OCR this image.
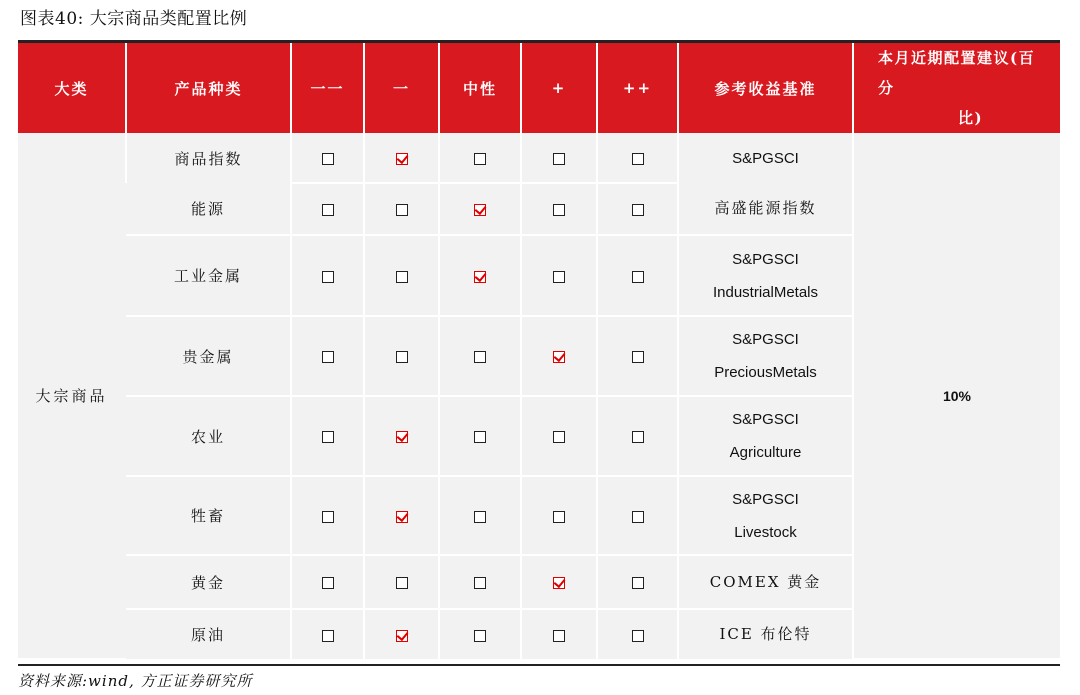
图表40: 大宗商品类配置比例
大类	产品种类	一一	一	中性	+	++	参考收益基准	本月近期配置建议(百分
比)
大宗商品	商品指数						S&PGSCI	10%
	能源						高盛能源指数	
	工业金属						S&PGSCI
IndustrialMetals	
	贵金属						S&PGSCI
PreciousMetals	
	农业						S&PGSCI
Agriculture	
	牲畜						S&PGSCI
Livestock	
	黄金						COMEX 黄金	
	原油						ICE 布伦特	
资料来源:wind, 方正证券研究所
